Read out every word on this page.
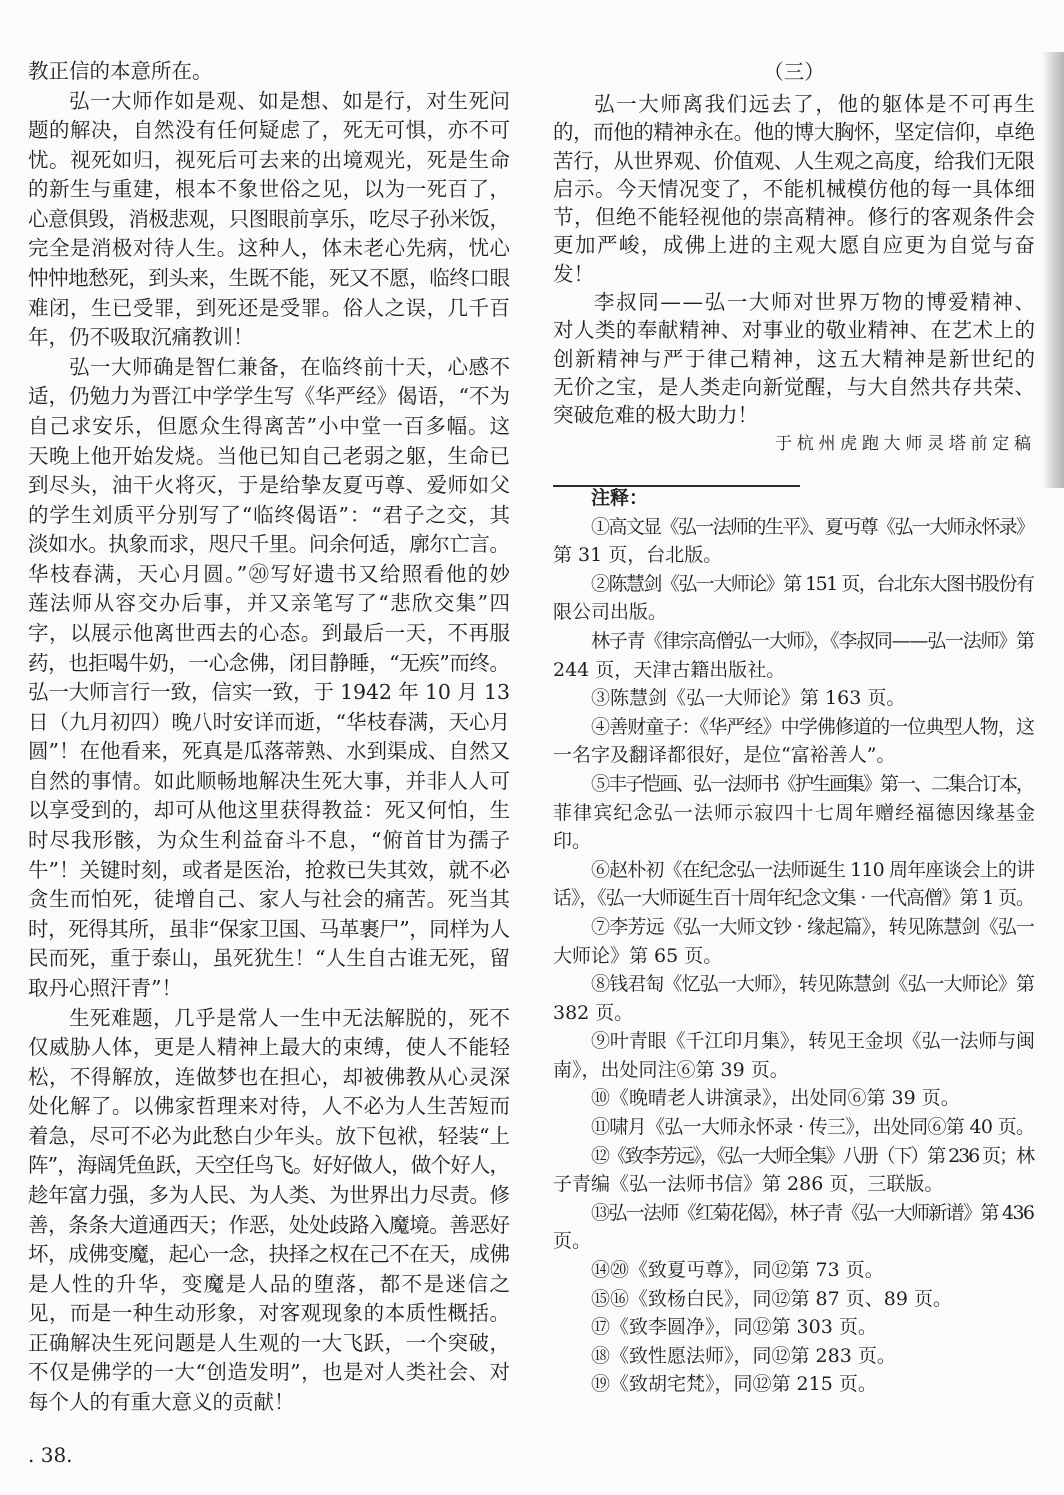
教正信的本意所在。
弘一大师作如是观、如是想、如是行，对生死问
题的解决，自然没有任何疑虑了，死无可惧，亦不可
忧。视死如归，视死后可去来的出境观光，死是生命
的新生与重建，根本不象世俗之见，以为一死百了，
心意俱毁，消极悲观，只图眼前享乐，吃尽子孙米饭，
完全是消极对待人生。这种人，体未老心先病，忧心
忡忡地愁死，到头来，生既不能，死又不愿，临终口眼
难闭，生已受罪，到死还是受罪。俗人之误，几千百
年，仍不吸取沉痛教训！
弘一大师确是智仁兼备，在临终前十天，心感不
适，仍勉力为晋江中学学生写《华严经》偈语，“不为
自己求安乐，但愿众生得离苦”小中堂一百多幅。这
天晚上他开始发烧。当他已知自己老弱之躯，生命已
到尽头，油干火将灭，于是给挚友夏丏尊、爱师如父
的学生刘质平分别写了“临终偈语”：“君子之交，其
淡如水。执象而求，咫尺千里。问余何适，廓尔亡言。
华枝春满，天心月圆。”⑳写好遗书又给照看他的妙
莲法师从容交办后事，并又亲笔写了“悲欣交集”四
字，以展示他离世西去的心态。到最后一天，不再服
药，也拒喝牛奶，一心念佛，闭目静睡，“无疾”而终。
弘一大师言行一致，信实一致，于 1942 年 10 月 13
日（九月初四）晚八时安详而逝，“华枝春满，天心月
圆”！在他看来，死真是瓜落蒂熟、水到渠成、自然又
自然的事情。如此顺畅地解决生死大事，并非人人可
以享受到的，却可从他这里获得教益：死又何怕，生
时尽我形骸，为众生利益奋斗不息，“俯首甘为孺子
牛”！关键时刻，或者是医治，抢救已失其效，就不必
贪生而怕死，徒增自己、家人与社会的痛苦。死当其
时，死得其所，虽非“保家卫国、马革裹尸”，同样为人
民而死，重于泰山，虽死犹生！“人生自古谁无死，留
取丹心照汗青”！
生死难题，几乎是常人一生中无法解脱的，死不
仅威胁人体，更是人精神上最大的束缚，使人不能轻
松，不得解放，连做梦也在担心，却被佛教从心灵深
处化解了。以佛家哲理来对待，人不必为人生苦短而
着急，尽可不必为此愁白少年头。放下包袱，轻装“上
阵”，海阔凭鱼跃，天空任鸟飞。好好做人，做个好人，
趁年富力强，多为人民、为人类、为世界出力尽责。修
善，条条大道通西天；作恶，处处歧路入魔境。善恶好
坏，成佛变魔，起心一念，抉择之权在己不在天，成佛
是人性的升华，变魔是人品的堕落，都不是迷信之
见，而是一种生动形象，对客观现象的本质性概括。
正确解决生死问题是人生观的一大飞跃，一个突破，
不仅是佛学的一大“创造发明”，也是对人类社会、对
每个人的有重大意义的贡献！
（三）
弘一大师离我们远去了，他的躯体是不可再生
的，而他的精神永在。他的博大胸怀，坚定信仰，卓绝
苦行，从世界观、价值观、人生观之高度，给我们无限
启示。今天情况变了，不能机械模仿他的每一具体细
节，但绝不能轻视他的崇高精神。修行的客观条件会
更加严峻，成佛上进的主观大愿自应更为自觉与奋
发！
李叔同——弘一大师对世界万物的博爱精神、
对人类的奉献精神、对事业的敬业精神、在艺术上的
创新精神与严于律己精神，这五大精神是新世纪的
无价之宝，是人类走向新觉醒，与大自然共存共荣、
突破危难的极大助力！
于杭州虎跑大师灵塔前定稿
注释：
①高文显《弘一法师的生平》、夏丏尊《弘一大师永怀录》
第 31 页，台北版。
②陈慧剑《弘一大师论》第 151 页，台北东大图书股份有
限公司出版。
林子青《律宗高僧弘一大师》，《李叔同——弘一法师》第
244 页，天津古籍出版社。
③陈慧剑《弘一大师论》第 163 页。
④善财童子：《华严经》中学佛修道的一位典型人物，这
一名字及翻译都很好，是位“富裕善人”。
⑤丰子恺画、弘一法师书《护生画集》第一、二集合订本，
菲律宾纪念弘一法师示寂四十七周年赠经福德因缘基金
印。
⑥赵朴初《在纪念弘一法师诞生 110 周年座谈会上的讲
话》，《弘一大师诞生百十周年纪念文集 · 一代高僧》第 1 页。
⑦李芳远《弘一大师文钞 · 缘起篇》，转见陈慧剑《弘一
大师论》第 65 页。
⑧钱君匋《忆弘一大师》，转见陈慧剑《弘一大师论》第
382 页。
⑨叶青眼《千江印月集》，转见王金坝《弘一法师与闽
南》，出处同注⑥第 39 页。
⑩《晚晴老人讲演录》，出处同⑥第 39 页。
⑪啸月《弘一大师永怀录 · 传三》，出处同⑥第 40 页。
⑫《致李芳远》，《弘一大师全集》八册（下）第 236 页；林
子青编《弘一法师书信》第 286 页，三联版。
⑬弘一法师《红菊花偈》，林子青《弘一大师新谱》第 436
页。
⑭⑳《致夏丏尊》，同⑫第 73 页。
⑮⑯《致杨白民》，同⑫第 87 页、89 页。
⑰《致李圆净》，同⑫第 303 页。
⑱《致性愿法师》，同⑫第 283 页。
⑲《致胡宅梵》，同⑫第 215 页。
. 38.
